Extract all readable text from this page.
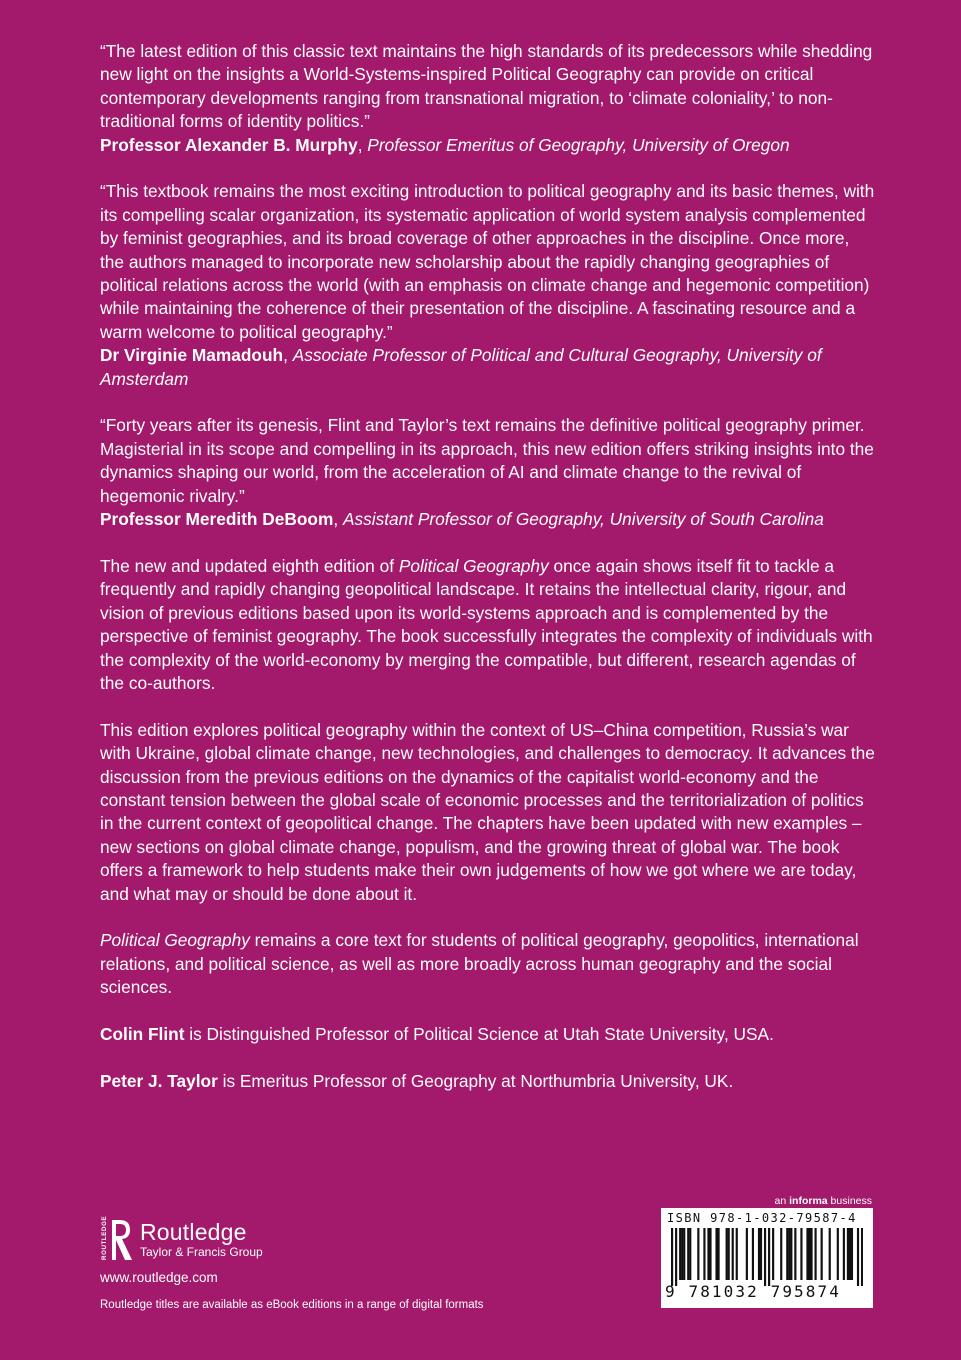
“The latest edition of this classic text maintains the high standards of its predecessors while shedding new light on the insights a World-Systems-inspired Political Geography can provide on critical contemporary developments ranging from transnational migration, to ‘climate coloniality,’ to non-traditional forms of identity politics.”

Professor Alexander B. Murphy, Professor Emeritus of Geography, University of Oregon

“This textbook remains the most exciting introduction to political geography and its basic themes, with its compelling scalar organization, its systematic application of world system analysis complemented by feminist geographies, and its broad coverage of other approaches in the discipline. Once more, the authors managed to incorporate new scholarship about the rapidly changing geographies of political relations across the world (with an emphasis on climate change and hegemonic competition) while maintaining the coherence of their presentation of the discipline. A fascinating resource and a warm welcome to political geography.”

Dr Virginie Mamadouh, Associate Professor of Political and Cultural Geography, University of Amsterdam

“Forty years after its genesis, Flint and Taylor’s text remains the definitive political geography primer. Magisterial in its scope and compelling in its approach, this new edition offers striking insights into the dynamics shaping our world, from the acceleration of AI and climate change to the revival of hegemonic rivalry.”

Professor Meredith DeBoom, Assistant Professor of Geography, University of South Carolina

The new and updated eighth edition of Political Geography once again shows itself fit to tackle a frequently and rapidly changing geopolitical landscape. It retains the intellectual clarity, rigour, and vision of previous editions based upon its world-systems approach and is complemented by the perspective of feminist geography. The book successfully integrates the complexity of individuals with the complexity of the world-economy by merging the compatible, but different, research agendas of the co-authors.

This edition explores political geography within the context of US–China competition, Russia’s war with Ukraine, global climate change, new technologies, and challenges to democracy. It advances the discussion from the previous editions on the dynamics of the capitalist world-economy and the constant tension between the global scale of economic processes and the territorialization of politics in the current context of geopolitical change. The chapters have been updated with new examples – new sections on global climate change, populism, and the growing threat of global war. The book offers a framework to help students make their own judgements of how we got where we are today, and what may or should be done about it.

Political Geography remains a core text for students of political geography, geopolitics, international relations, and political science, as well as more broadly across human geography and the social sciences.

Colin Flint is Distinguished Professor of Political Science at Utah State University, USA.

Peter J. Taylor is Emeritus Professor of Geography at Northumbria University, UK.

ROUTLEDGE Routledge
Taylor & Francis Group
www.routledge.com
Routledge titles are available as eBook editions in a range of digital formats
an informa business
ISBN 978-1-032-79587-4
9 781032 795874
